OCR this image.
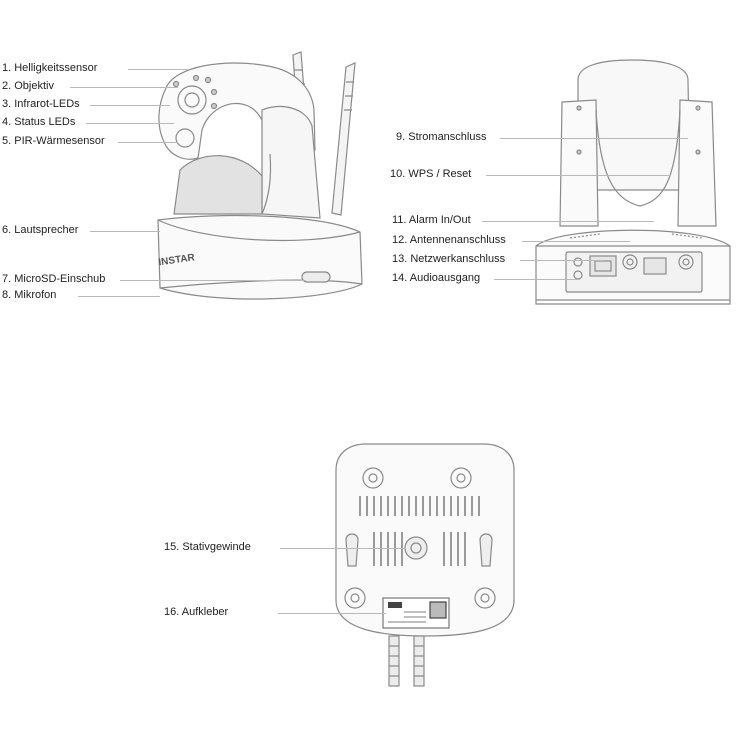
INSTAR
1. Helligkeitssensor
2. Objektiv
3. Infrarot-LEDs
4. Status LEDs
5. PIR-Wärmesensor
6. Lautsprecher
7. MicroSD-Einschub
8. Mikrofon
9. Stromanschluss
10. WPS / Reset
11. Alarm In/Out
12. Antennenanschluss
13. Netzwerkanschluss
14. Audioausgang
15. Stativgewinde
16. Aufkleber
